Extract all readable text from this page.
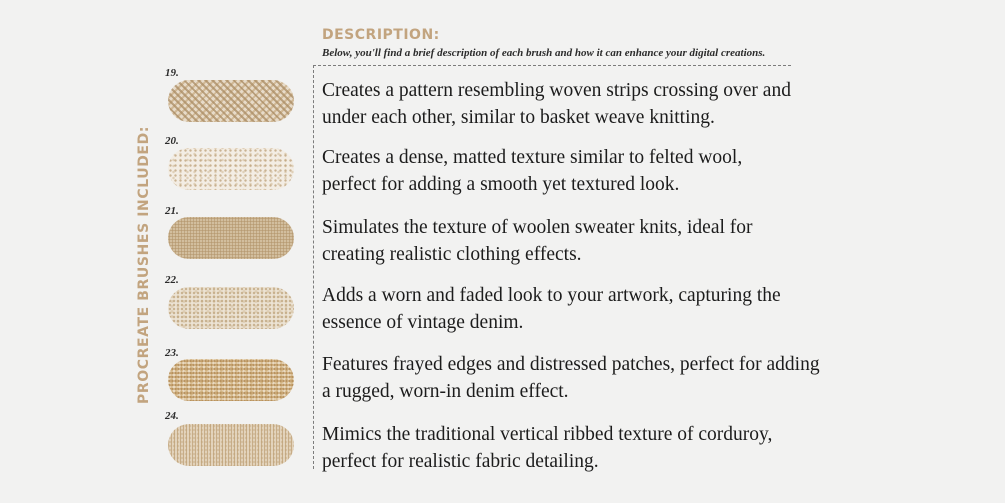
PROCREATE BRUSHES INCLUDED:
DESCRIPTION:
Below, you'll find a brief description of each brush and how it can enhance your digital creations.
19.
Creates a pattern resembling woven strips crossing over and
under each other, similar to basket weave knitting.
20.
Creates a dense, matted texture similar to felted wool,
perfect for adding a smooth yet textured look.
21.
Simulates the texture of woolen sweater knits, ideal for
creating realistic clothing effects.
22.
Adds a worn and faded look to your artwork, capturing the
essence of vintage denim.
23.
Features frayed edges and distressed patches, perfect for adding
a rugged, worn-in denim effect.
24.
Mimics the traditional vertical ribbed texture of corduroy,
perfect for realistic fabric detailing.
